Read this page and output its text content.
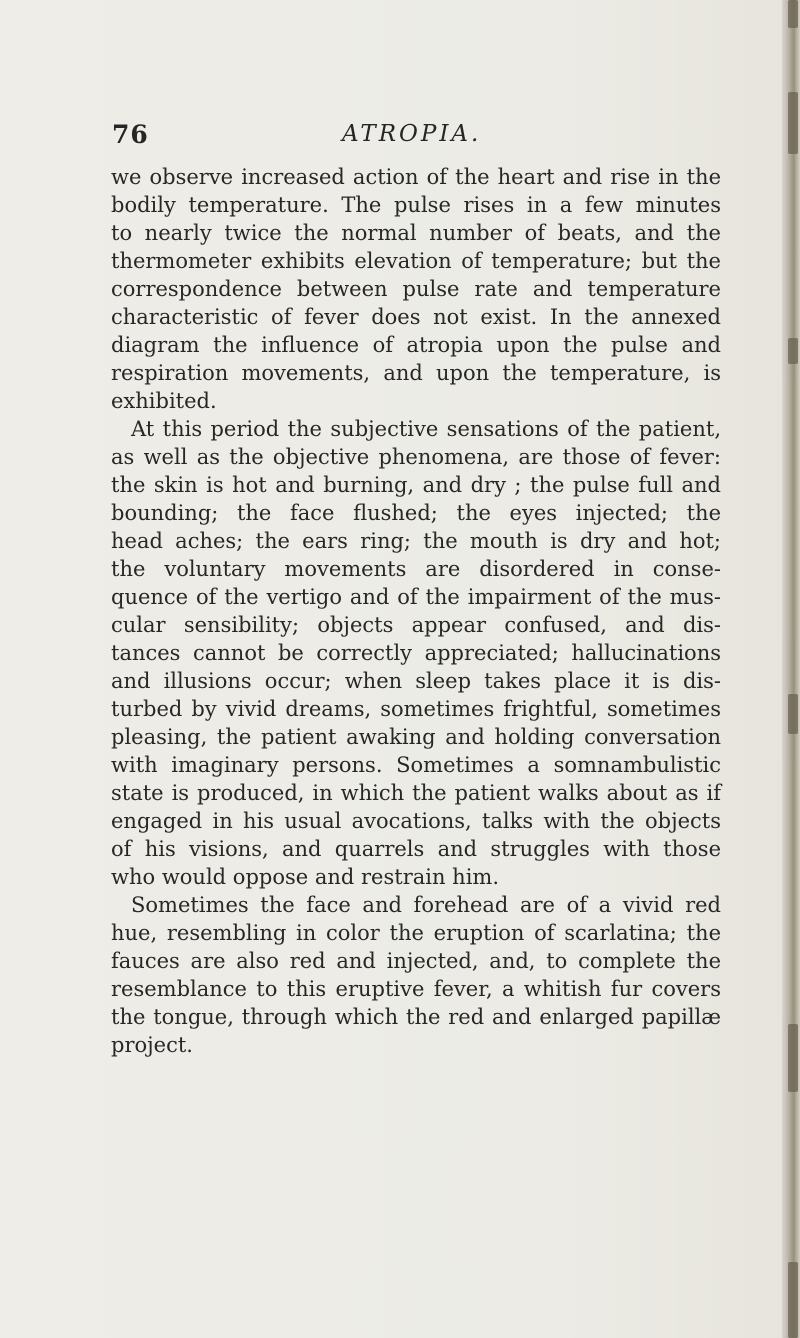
76	ATROPIA.
we observe increased action of the heart and rise in the
bodily temperature. The pulse rises in a few minutes
to nearly twice the normal number of beats, and the
thermometer exhibits elevation of temperature; but the
correspondence between pulse rate and temperature
characteristic of fever does not exist. In the annexed
diagram the influence of atropia upon the pulse and
respiration movements, and upon the temperature, is
exhibited.
At this period the subjective sensations of the patient,
as well as the objective phenomena, are those of fever:
the skin is hot and burning, and dry ; the pulse full and
bounding; the face flushed; the eyes injected; the
head aches; the ears ring; the mouth is dry and hot;
the voluntary movements are disordered in conse-
quence of the vertigo and of the impairment of the mus-
cular sensibility; objects appear confused, and dis-
tances cannot be correctly appreciated; hallucinations
and illusions occur; when sleep takes place it is dis-
turbed by vivid dreams, sometimes frightful, sometimes
pleasing, the patient awaking and holding conversation
with imaginary persons. Sometimes a somnambulistic
state is produced, in which the patient walks about as if
engaged in his usual avocations, talks with the objects
of his visions, and quarrels and struggles with those
who would oppose and restrain him.
Sometimes the face and forehead are of a vivid red
hue, resembling in color the eruption of scarlatina; the
fauces are also red and injected, and, to complete the
resemblance to this eruptive fever, a whitish fur covers
the tongue, through which the red and enlarged papillæ
project.
